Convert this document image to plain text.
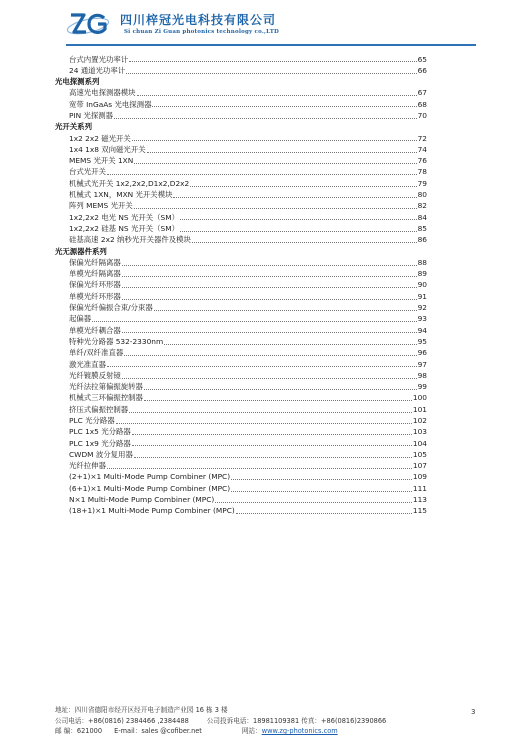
四川梓冠光电科技有限公司
Si chuan Zi Guan photonics technology co.,LTD
台式内置光功率计	65
24 通道光功率计	66
光电探测系列
高速光电探测器模块	67
宽带 InGaAs 光电探测器	68
PIN 光探测器	70
光开关系列
1x2 2x2 磁光开关	72
1x4 1x8 双向磁光开关	74
MEMS 光开关 1XN	76
台式光开关	78
机械式光开关 1x2,2x2,D1x2,D2x2	79
机械式 1XN，MXN 光开关模块	80
阵列 MEMS 光开关	82
1x2,2x2 电光 NS 光开关（SM）	84
1x2,2x2 硅基 NS 光开关（SM）	85
硅基高速 2x2 纳秒光开关器件及模块	86
光无源器件系列
保偏光纤隔离器	88
单模光纤隔离器	89
保偏光纤环形器	90
单模光纤环形器	91
保偏光纤偏振合束/分束器	92
起偏器	93
单模光纤耦合器	94
特种光分路器 532-2330nm	95
单纤/双纤准直器	96
激光准直器	97
光纤镀膜反射镜	98
光纤法拉第偏振旋转器	99
机械式三环偏振控制器	100
挤压式偏振控制器	101
PLC 光分路器	102
PLC 1x5 光分路器	103
PLC 1x9 光分路器	104
CWDM 波分复用器	105
光纤拉伸器	107
(2+1)×1 Multi-Mode Pump Combiner (MPC)	109
(6+1)×1 Multi-Mode Pump Combiner (MPC)	111
N×1 Multi-Mode Pump Combiner (MPC)	113
(18+1)×1 Multi-Mode Pump Combiner (MPC)	115
地址：四川省德阳市经开区经开电子制造产业园 16 栋 3 楼
公司电话：+86(0816) 2384466 ,2384488	公司投诉电话：18981109381 传真：+86(0816)2390866
邮 编：621000 E-mail：sales @cofiber.net	网站：www.zg-photonics.com
3
